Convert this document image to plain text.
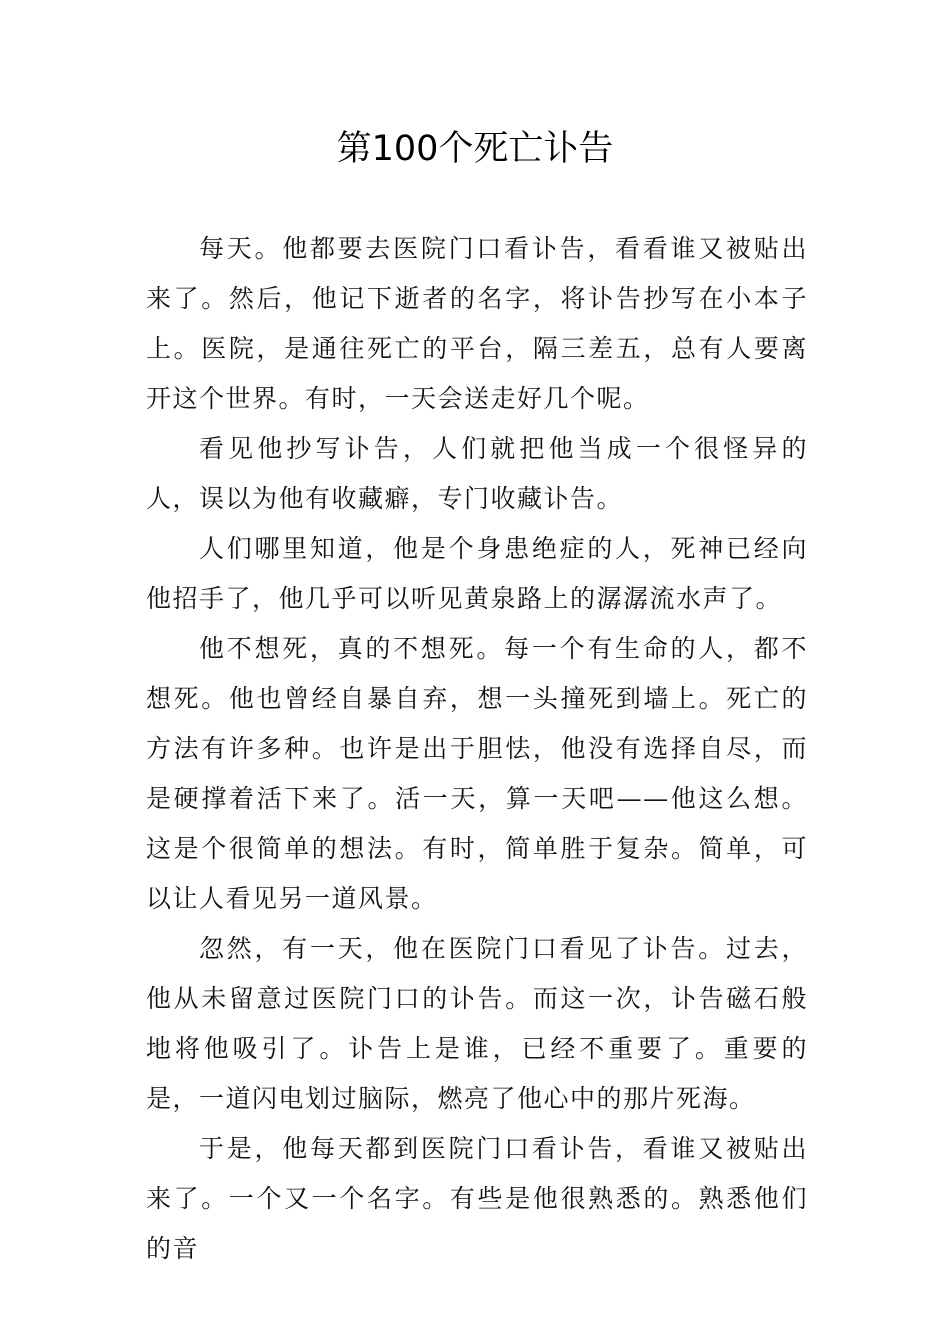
第100个死亡讣告

每天。他都要去医院门口看讣告，看看谁又被贴出来了。然后，他记下逝者的名字，将讣告抄写在小本子上。医院，是通往死亡的平台，隔三差五，总有人要离开这个世界。有时，一天会送走好几个呢。

看见他抄写讣告，人们就把他当成一个很怪异的人，误以为他有收藏癖，专门收藏讣告。

人们哪里知道，他是个身患绝症的人，死神已经向他招手了，他几乎可以听见黄泉路上的潺潺流水声了。

他不想死，真的不想死。每一个有生命的人，都不想死。他也曾经自暴自弃，想一头撞死到墙上。死亡的方法有许多种。也许是出于胆怯，他没有选择自尽，而是硬撑着活下来了。活一天，算一天吧——他这么想。这是个很简单的想法。有时，简单胜于复杂。简单，可以让人看见另一道风景。

忽然，有一天，他在医院门口看见了讣告。过去，他从未留意过医院门口的讣告。而这一次，讣告磁石般地将他吸引了。讣告上是谁，已经不重要了。重要的是，一道闪电划过脑际，燃亮了他心中的那片死海。

于是，他每天都到医院门口看讣告，看谁又被贴出来了。一个又一个名字。有些是他很熟悉的。熟悉他们的音
